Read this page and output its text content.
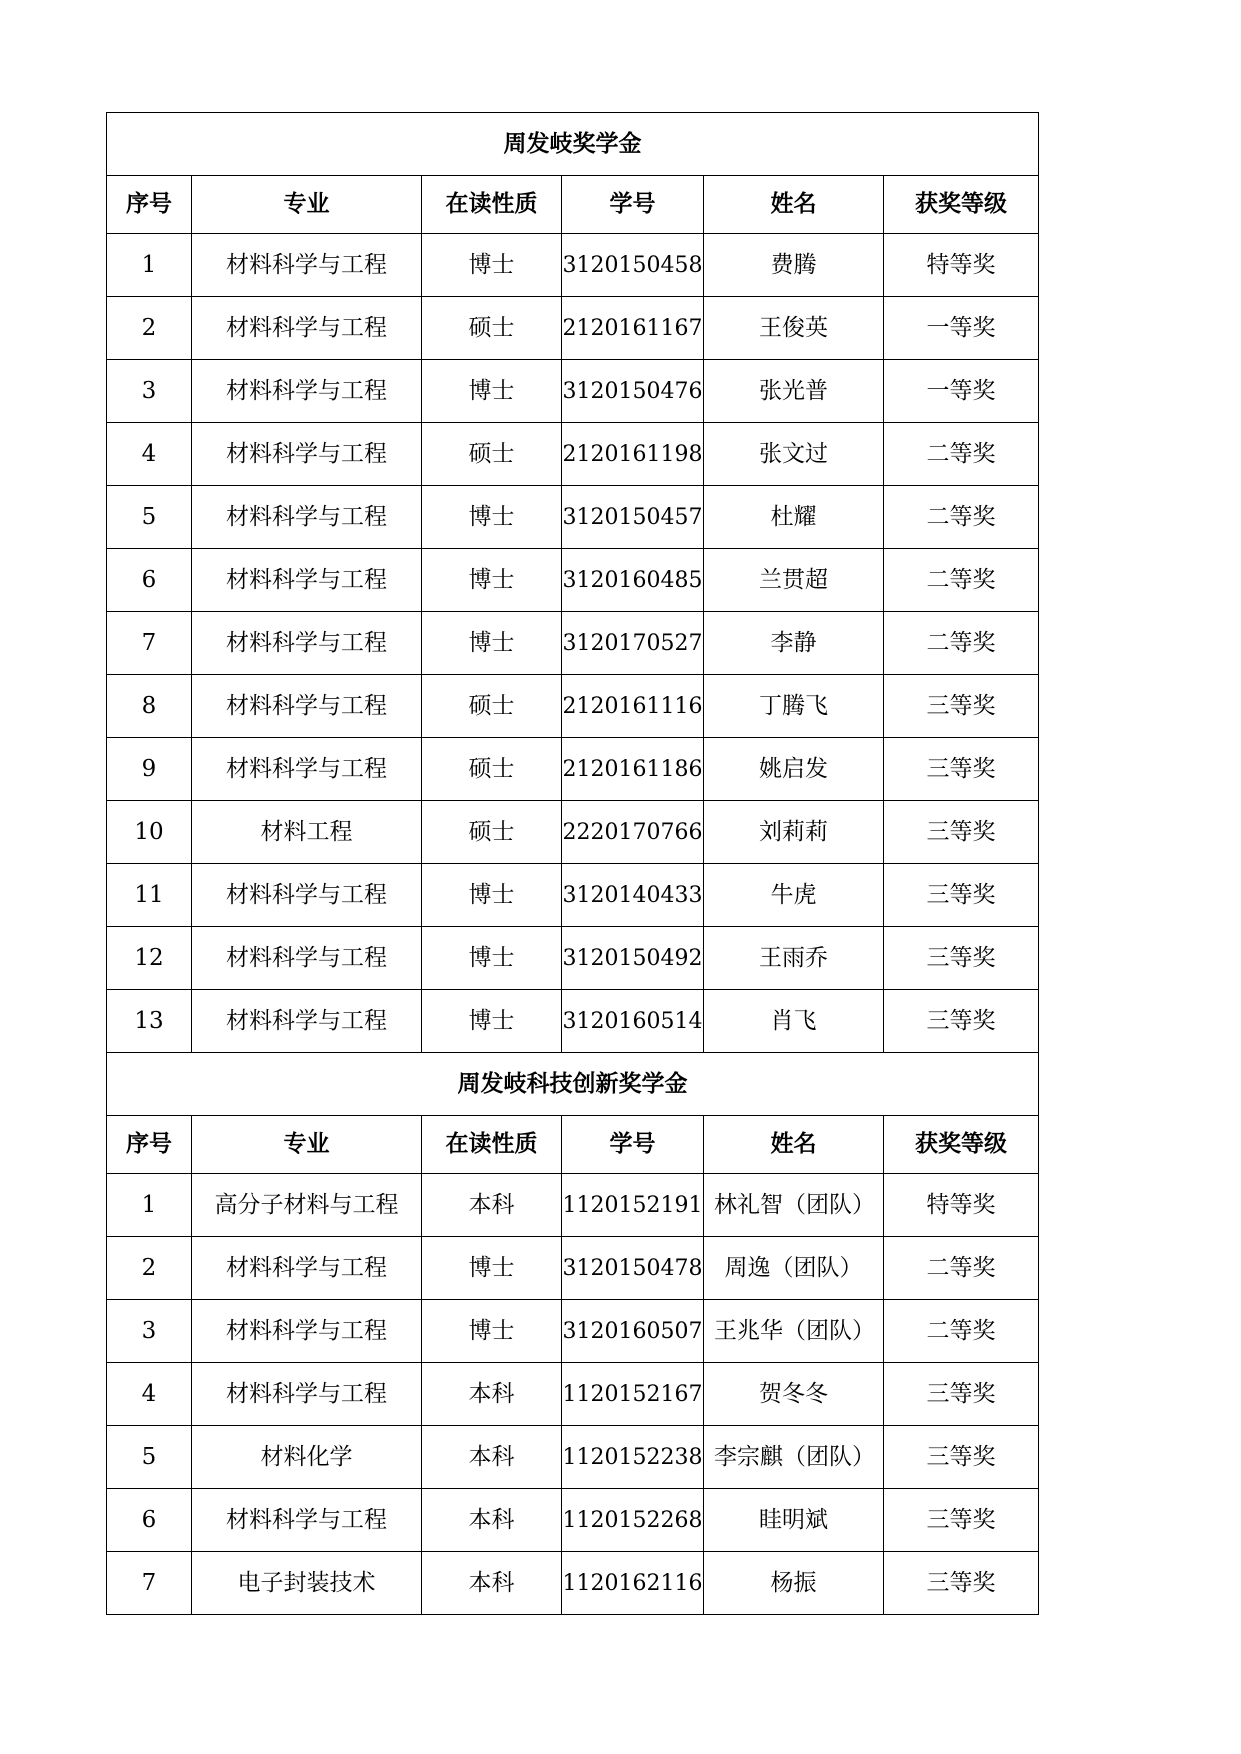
周发岐奖学金					
序号	专业	在读性质	学号	姓名	获奖等级
1	材料科学与工程	博士	3120150458	费腾	特等奖
2	材料科学与工程	硕士	2120161167	王俊英	一等奖
3	材料科学与工程	博士	3120150476	张光普	一等奖
4	材料科学与工程	硕士	2120161198	张文过	二等奖
5	材料科学与工程	博士	3120150457	杜耀	二等奖
6	材料科学与工程	博士	3120160485	兰贯超	二等奖
7	材料科学与工程	博士	3120170527	李静	二等奖
8	材料科学与工程	硕士	2120161116	丁腾飞	三等奖
9	材料科学与工程	硕士	2120161186	姚启发	三等奖
10	材料工程	硕士	2220170766	刘莉莉	三等奖
11	材料科学与工程	博士	3120140433	牛虎	三等奖
12	材料科学与工程	博士	3120150492	王雨乔	三等奖
13	材料科学与工程	博士	3120160514	肖飞	三等奖
周发岐科技创新奖学金					
序号	专业	在读性质	学号	姓名	获奖等级
1	高分子材料与工程	本科	1120152191	林礼智（团队）	特等奖
2	材料科学与工程	博士	3120150478	周逸（团队）	二等奖
3	材料科学与工程	博士	3120160507	王兆华（团队）	二等奖
4	材料科学与工程	本科	1120152167	贺冬冬	三等奖
5	材料化学	本科	1120152238	李宗麒（团队）	三等奖
6	材料科学与工程	本科	1120152268	眭明斌	三等奖
7	电子封装技术	本科	1120162116	杨振	三等奖
